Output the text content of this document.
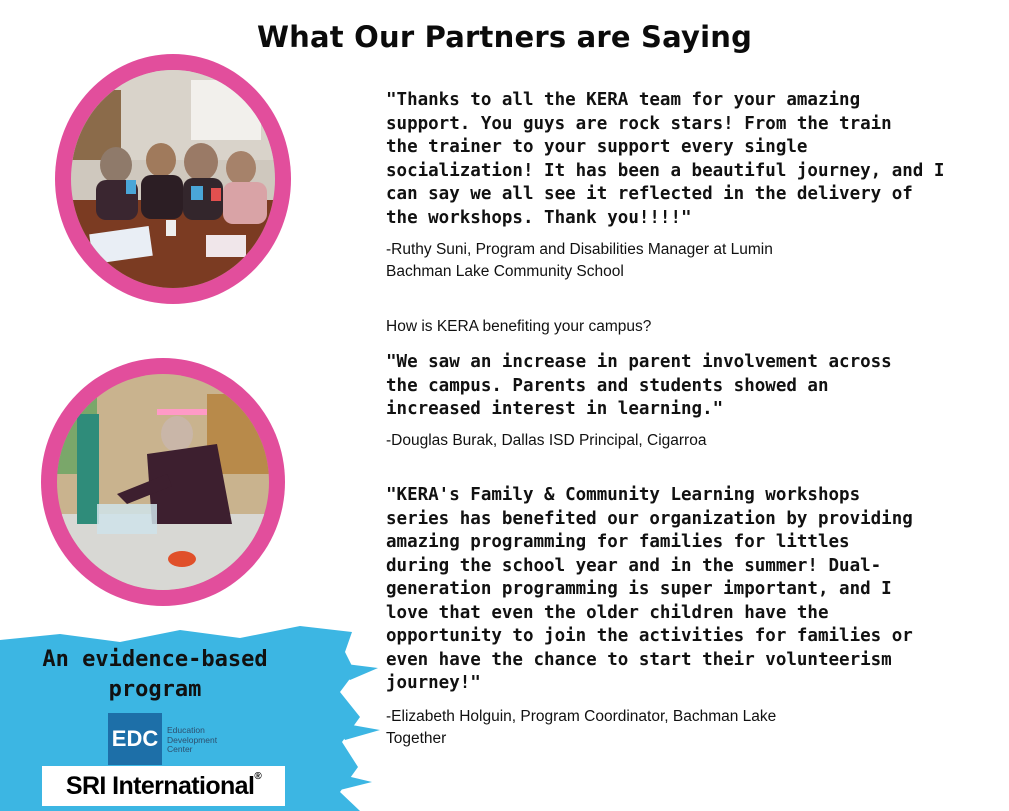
What Our Partners are Saying
"Thanks to all the KERA team for your amazing
support. You guys are rock stars! From the train
the trainer to your support every single
socialization! It has been a beautiful journey, and I
can say we all see it reflected in the delivery of
the workshops. Thank you!!!!"
-Ruthy Suni, Program and Disabilities Manager at Lumin
Bachman Lake Community School
How is KERA benefiting your campus?
"We saw an increase in parent involvement across
the campus. Parents and students showed an
increased interest in learning."
-Douglas Burak, Dallas ISD Principal, Cigarroa
"KERA's Family & Community Learning workshops
series has benefited our organization by providing
amazing programming for families for littles
during the school year and in the summer! Dual-
generation programming is super important, and I
love that even the older children have the
opportunity to join the activities for families or
even have the chance to start their volunteerism
journey!"
-Elizabeth Holguin, Program Coordinator, Bachman Lake
Together
An evidence-based
program
EDC	Education
Development
Center
SRI International®
